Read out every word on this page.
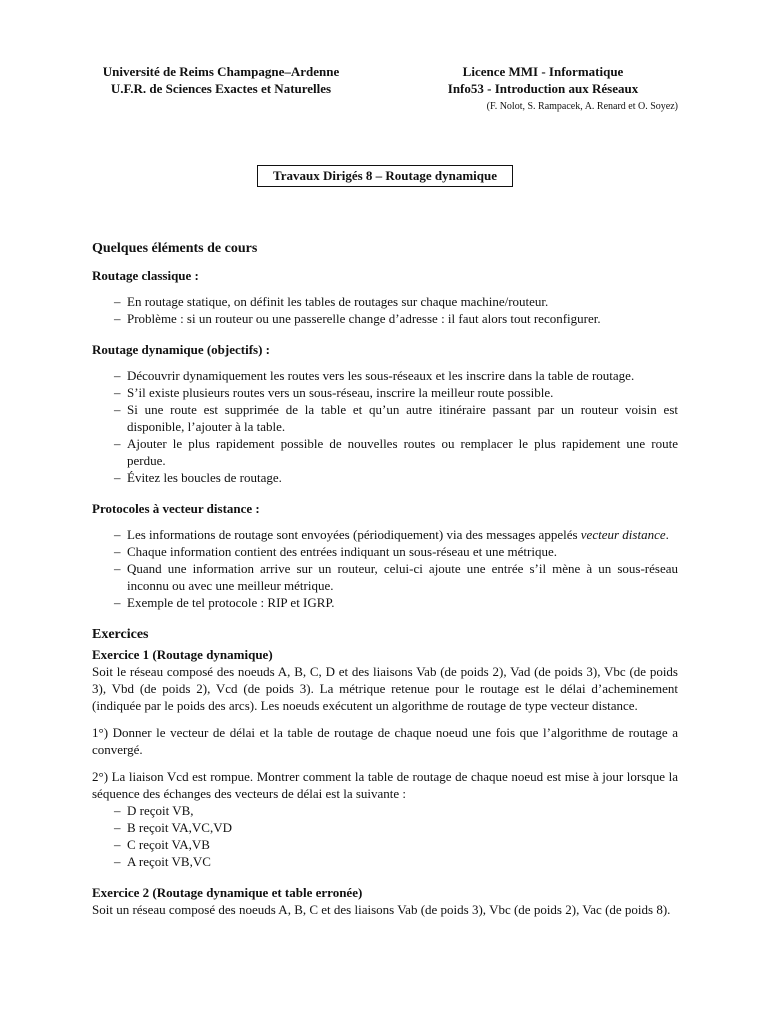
Université de Reims Champagne–Ardenne
U.F.R. de Sciences Exactes et Naturelles
Licence MMI - Informatique
Info53 - Introduction aux Réseaux
(F. Nolot, S. Rampacek, A. Renard et O. Soyez)
Travaux Dirigés 8 – Routage dynamique
Quelques éléments de cours
Routage classique :
– En routage statique, on définit les tables de routages sur chaque machine/routeur.
– Problème : si un routeur ou une passerelle change d’adresse : il faut alors tout reconfigurer.
Routage dynamique (objectifs) :
– Découvrir dynamiquement les routes vers les sous-réseaux et les inscrire dans la table de routage.
– S’il existe plusieurs routes vers un sous-réseau, inscrire la meilleur route possible.
– Si une route est supprimée de la table et qu’un autre itinéraire passant par un routeur voisin est disponible, l’ajouter à la table.
– Ajouter le plus rapidement possible de nouvelles routes ou remplacer le plus rapidement une route perdue.
– Évitez les boucles de routage.
Protocoles à vecteur distance :
– Les informations de routage sont envoyées (périodiquement) via des messages appelés vecteur distance.
– Chaque information contient des entrées indiquant un sous-réseau et une métrique.
– Quand une information arrive sur un routeur, celui-ci ajoute une entrée s’il mène à un sous-réseau inconnu ou avec une meilleur métrique.
– Exemple de tel protocole : RIP et IGRP.
Exercices
Exercice 1 (Routage dynamique)

Soit le réseau composé des noeuds A, B, C, D et des liaisons Vab (de poids 2), Vad (de poids 3), Vbc (de poids 3), Vbd (de poids 2), Vcd (de poids 3). La métrique retenue pour le routage est le délai d’acheminement (indiquée par le poids des arcs). Les noeuds exécutent un algorithme de routage de type vecteur distance.

1°) Donner le vecteur de délai et la table de routage de chaque noeud une fois que l’algorithme de routage a convergé.

2°) La liaison Vcd est rompue. Montrer comment la table de routage de chaque noeud est mise à jour lorsque la séquence des échanges des vecteurs de délai est la suivante :

– D reçoit VB,
– B reçoit VA,VC,VD
– C reçoit VA,VB
– A reçoit VB,VC
Exercice 2 (Routage dynamique et table erronée)

Soit un réseau composé des noeuds A, B, C et des liaisons Vab (de poids 3), Vbc (de poids 2), Vac (de poids 8).
